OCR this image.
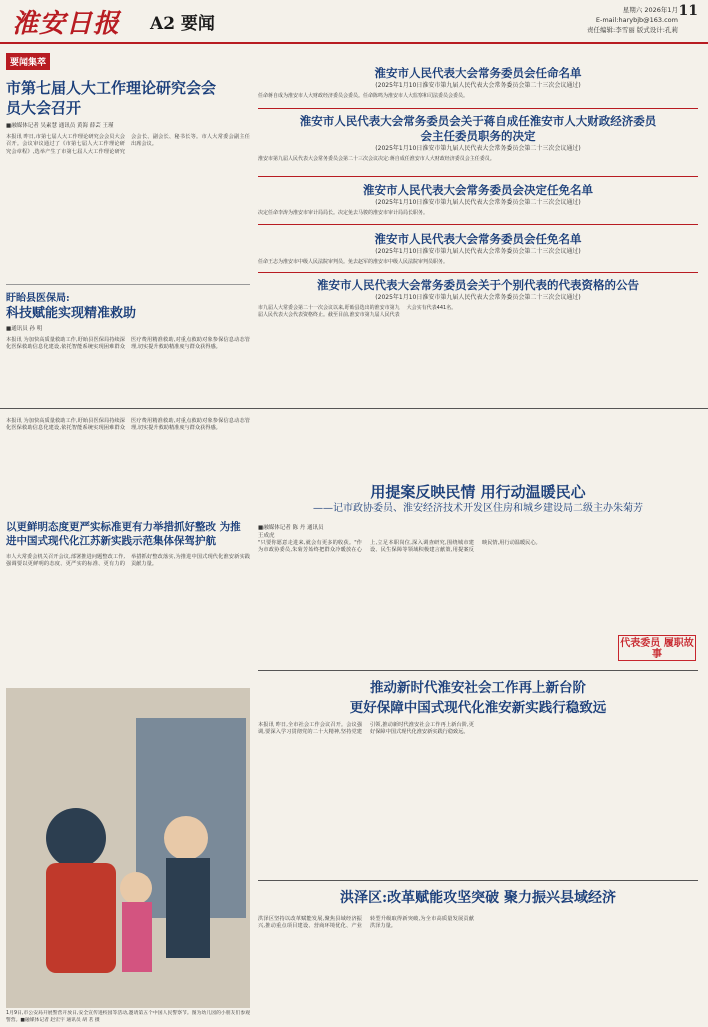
淮安日报 A2 要闻
星期六 2026年1月
E-mail:harybjb@163.com
责任编辑:李雪丽 版式设计:孔莉
11
要闻集萃
市第七届人大工作理论研究会会员大会召开
■融媒体记者 吴素慧 通讯员 黄海 薛芸 王瑾
本报讯 昨日,市第七届人大工作理论研究会会员大会召开。会议审议通过了《市第七届人大工作理论研究会章程》,选举产生了市第七届人大工作理论研究会会长、副会长、秘书长等。市人大常委会副主任出席会议。
盱眙县医保局:
科技赋能实现精准救助
■通讯员 孙 明
本报讯 为加快高质量救助工作,盱眙县医保局持续深化医保救助信息化建设,依托智能系统实现困难群众医疗费用精准救助,对重点救助对象参保信息动态管理,切实提升救助精准度与群众获得感。
淮安市人民代表大会常务委员会任命名单
(2025年1月10日淮安市第九届人民代表大会常务委员会第二十三次会议通过)
任命蒋自成为淮安市人大财政经济委员会委员。任命陈鸣为淮安市人大监察和司法委员会委员。
淮安市人民代表大会常务委员会关于蒋自成任淮安市人大财政经济委员会主任委员职务的决定
(2025年1月10日淮安市第九届人民代表大会常务委员会第二十三次会议通过)
淮安市第九届人民代表大会常务委员会第二十三次会议决定:蒋自成任淮安市人大财政经济委员会主任委员。
淮安市人民代表大会常务委员会决定任免名单
(2025年1月10日淮安市第九届人民代表大会常务委员会第二十三次会议通过)
决定任命李涛为淮安市审计局局长。决定免去马骏的淮安市审计局局长职务。
淮安市人民代表大会常务委员会任免名单
(2025年1月10日淮安市第九届人民代表大会常务委员会第二十三次会议通过)
任命王志为淮安市中级人民法院审判员。免去赵军的淮安市中级人民法院审判员职务。
淮安市人民代表大会常务委员会关于个别代表的代表资格的公告
(2025年1月10日淮安市第九届人民代表大会常务委员会第二十三次会议通过)
市九届人大常委会第二十一次会议以来,盱眙县选出的淮安市第九届人民代表大会代表资格终止。截至目前,淮安市第九届人民代表大会实有代表441名。
本报讯 为加快高质量救助工作,盱眙县医保局持续深化医保救助信息化建设,依托智能系统实现困难群众医疗费用精准救助,对重点救助对象参保信息动态管理,切实提升救助精准度与群众获得感。
以更鲜明态度更严实标准更有力举措抓好整改 为推进中国式现代化江苏新实践示范集体保驾护航
市人大常委会机关召开会议,部署推进问题整改工作,强调要以更鲜明的态度、更严实的标准、更有力的举措抓好整改落实,为推进中国式现代化淮安新实践贡献力量。
用提案反映民情 用行动温暖民心
——记市政协委员、淮安经济技术开发区住房和城乡建设局二级主办朱菊芳
■融媒体记者 陈 丹 通讯员 王成虎
"只要你愿意走进来,就会有更多的收获。"作为市政协委员,朱菊芳始终把群众冷暖放在心上,立足本职岗位,深入调查研究,围绕城市建设、民生保障等领域积极建言献策,用提案反映民情,用行动温暖民心。
代表委员 履职故事
推动新时代淮安社会工作再上新台阶
更好保障中国式现代化淮安新实践行稳致远
本报讯 昨日,全市社会工作会议召开。会议强调,要深入学习贯彻党的二十大精神,坚持党建引领,推动新时代淮安社会工作再上新台阶,更好保障中国式现代化淮安新实践行稳致远。
1月9日,市公安局开展警营开放日,安全宣传进校园等活动,邀请第五个中国人民警察节。图为幼儿园的小朋友们参观警营。■融媒体记者 赵宏宇 通讯员 胡 茗 摄
洪泽区:改革赋能攻坚突破 聚力振兴县域经济
洪泽区坚持以改革赋能发展,聚焦县域经济振兴,推动重点项目建设、营商环境优化、产业转型升级取得新突破,为全市高质量发展贡献洪泽力量。
